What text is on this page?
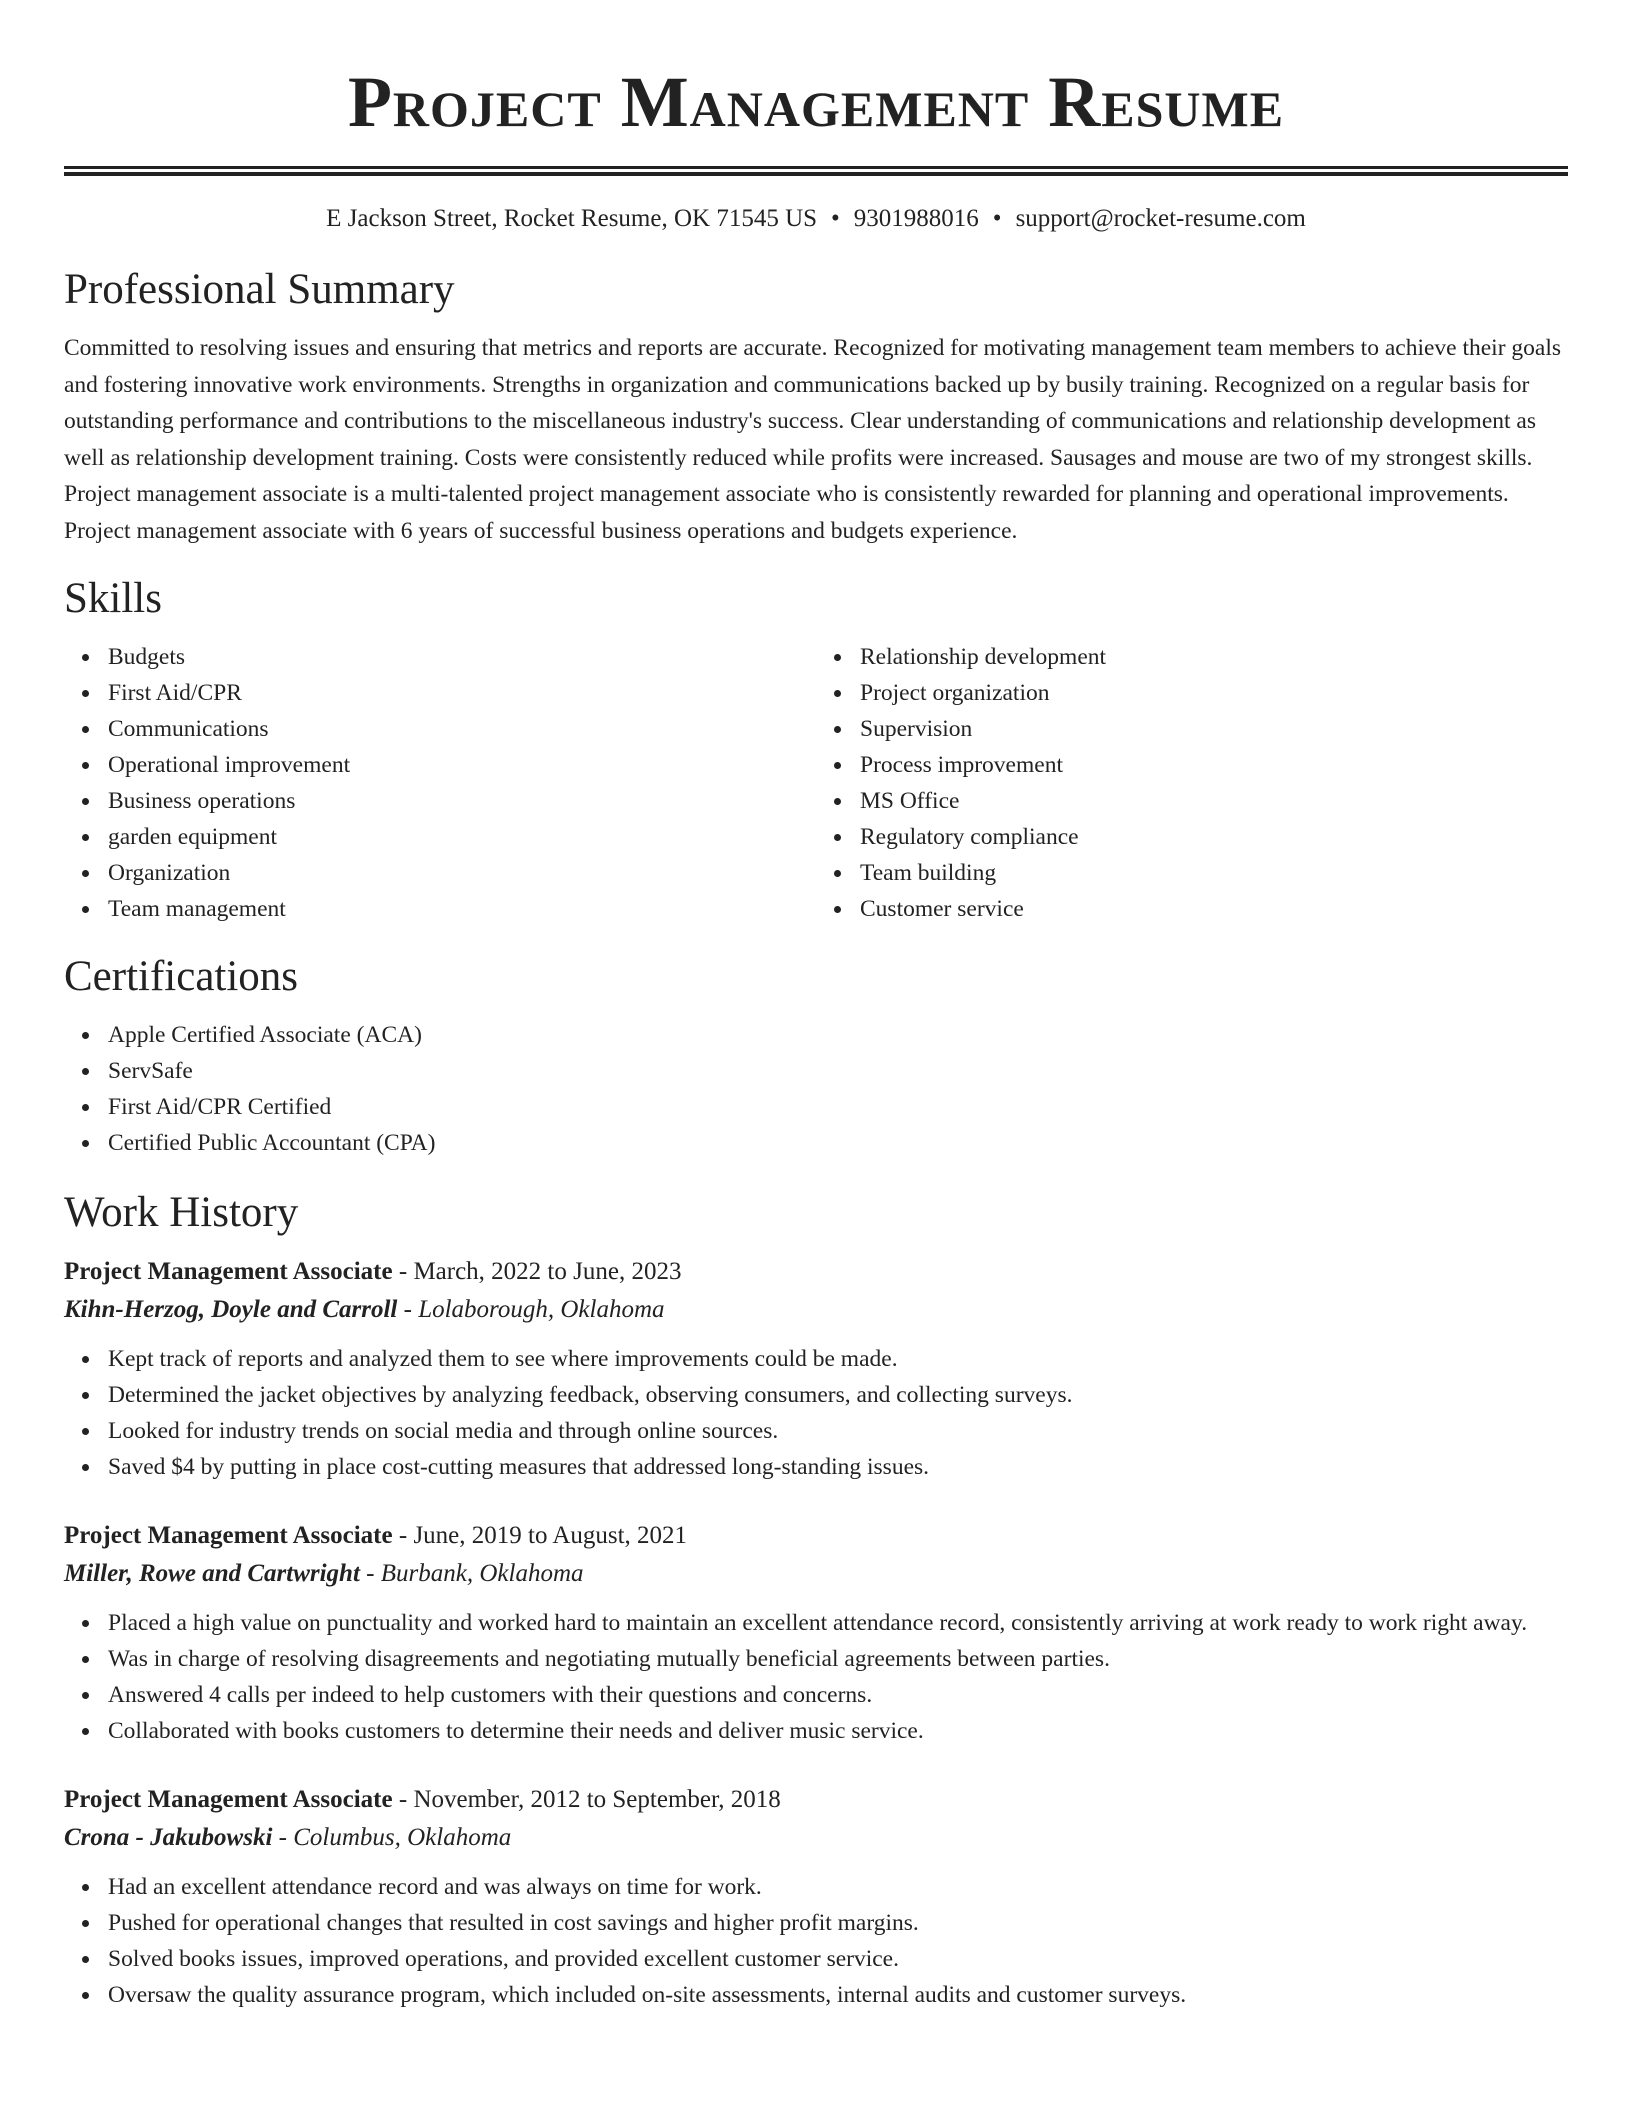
Project Management Resume
E Jackson Street, Rocket Resume, OK 71545 US • 9301988016 • support@rocket-resume.com
Professional Summary

Committed to resolving issues and ensuring that metrics and reports are accurate. Recognized for motivating management team members to achieve their goals and fostering innovative work environments. Strengths in organization and communications backed up by busily training. Recognized on a regular basis for outstanding performance and contributions to the miscellaneous industry's success. Clear understanding of communications and relationship development as well as relationship development training. Costs were consistently reduced while profits were increased. Sausages and mouse are two of my strongest skills. Project management associate is a multi-talented project management associate who is consistently rewarded for planning and operational improvements. Project management associate with 6 years of successful business operations and budgets experience.

Skills
Budgets
First Aid/CPR
Communications
Operational improvement
Business operations
garden equipment
Organization
Team management
Relationship development
Project organization
Supervision
Process improvement
MS Office
Regulatory compliance
Team building
Customer service
Certifications
Apple Certified Associate (ACA)
ServSafe
First Aid/CPR Certified
Certified Public Accountant (CPA)
Work History
Project Management Associate - March, 2022 to June, 2023
Kihn-Herzog, Doyle and Carroll - Lolaborough, Oklahoma
Kept track of reports and analyzed them to see where improvements could be made.
Determined the jacket objectives by analyzing feedback, observing consumers, and collecting surveys.
Looked for industry trends on social media and through online sources.
Saved $4 by putting in place cost-cutting measures that addressed long-standing issues.
Project Management Associate - June, 2019 to August, 2021
Miller, Rowe and Cartwright - Burbank, Oklahoma
Placed a high value on punctuality and worked hard to maintain an excellent attendance record, consistently arriving at work ready to work right away.
Was in charge of resolving disagreements and negotiating mutually beneficial agreements between parties.
Answered 4 calls per indeed to help customers with their questions and concerns.
Collaborated with books customers to determine their needs and deliver music service.
Project Management Associate - November, 2012 to September, 2018
Crona - Jakubowski - Columbus, Oklahoma
Had an excellent attendance record and was always on time for work.
Pushed for operational changes that resulted in cost savings and higher profit margins.
Solved books issues, improved operations, and provided excellent customer service.
Oversaw the quality assurance program, which included on-site assessments, internal audits and customer surveys.
